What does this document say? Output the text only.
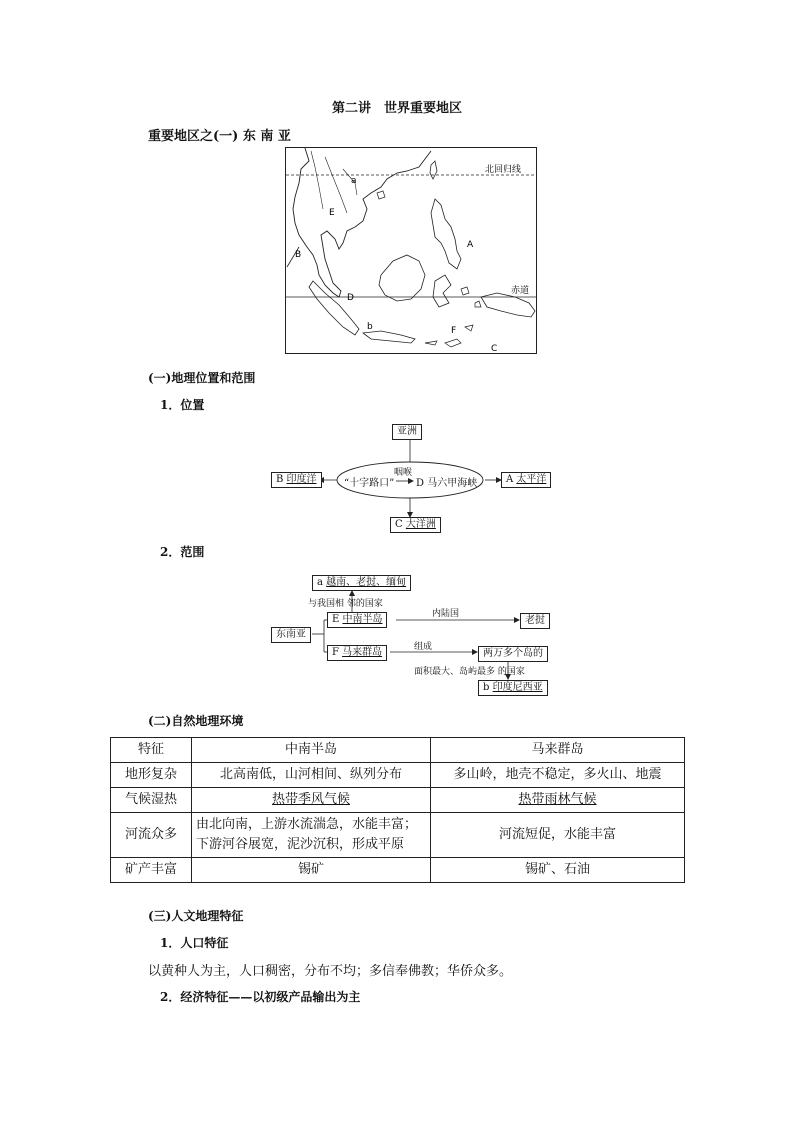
第二讲　世界重要地区
重要地区之(一) 东 南 亚
北回归线
赤道
a
E
B
A
D
b	F
C
(一)地理位置和范围
1．位置
亚洲
B 印度洋	A 太平洋
C 大洋洲
“十字路口”
咽喉
D 马六甲海峡
2．范围
a 越南、老挝、缅甸
与我国相 邻的国家
东南亚
E 中南半岛	内陆国
老挝
F 马来群岛	组成
两万多个岛的
面积最大、岛屿最多 的国家
b 印度尼西亚
(二)自然地理环境
特征	中南半岛	马来群岛
地形复杂	北高南低，山河相间、纵列分布	多山岭，地壳不稳定，多火山、地震
气候湿热	热带季风气候	热带雨林气候
河流众多	由北向南，上游水流湍急，水能丰富；下游河谷展宽，泥沙沉积，形成平原	河流短促，水能丰富
矿产丰富	锡矿	锡矿、石油
(三)人文地理特征
1．人口特征
以黄种人为主，人口稠密，分布不均；多信奉佛教；华侨众多。
2．经济特征——以初级产品输出为主
